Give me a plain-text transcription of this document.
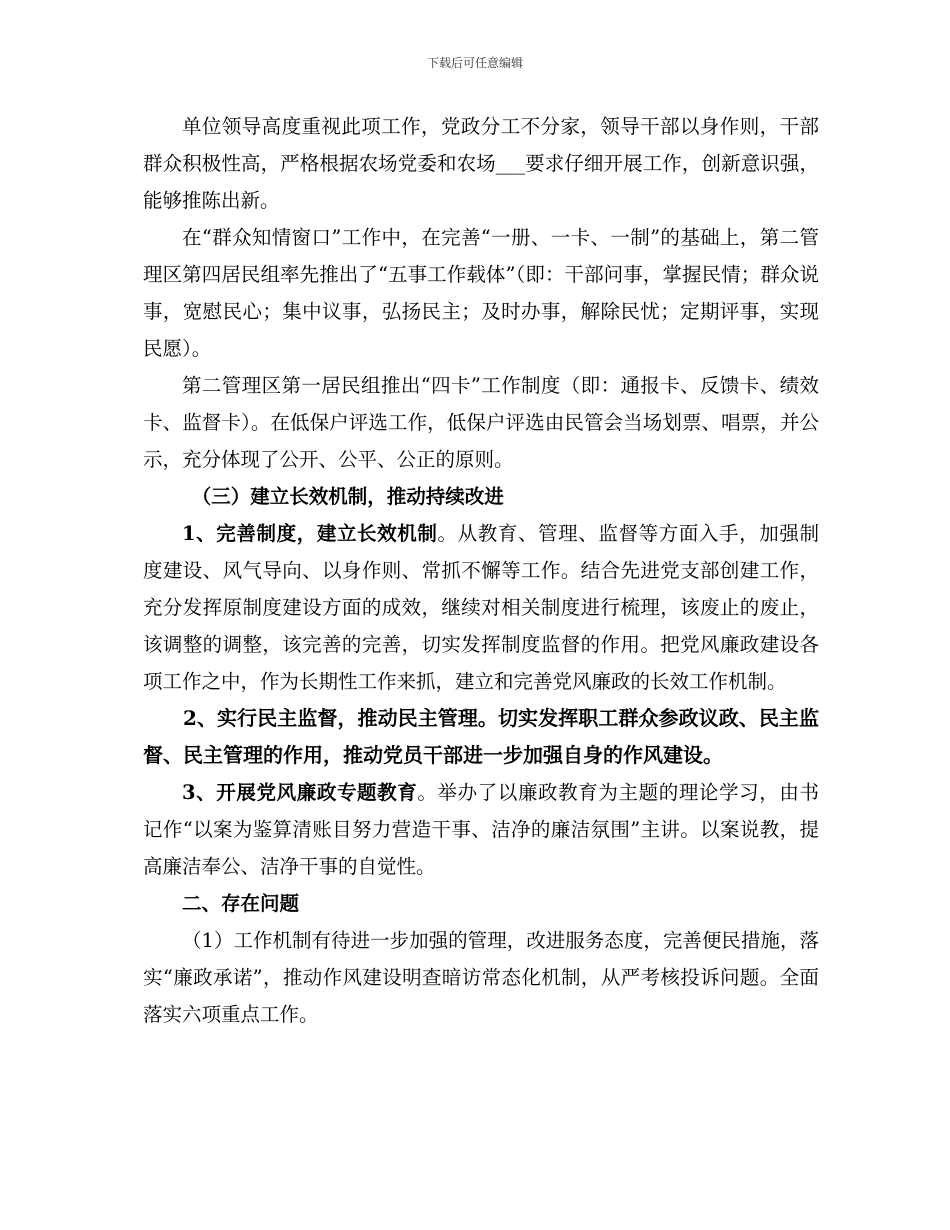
下载后可任意编辑

单位领导高度重视此项工作，党政分工不分家，领导干部以身作则，干部群众积极性高，严格根据农场党委和农场___要求仔细开展工作，创新意识强，能够推陈出新。

在“群众知情窗口”工作中，在完善“一册、一卡、一制”的基础上，第二管理区第四居民组率先推出了“五事工作载体”（即：干部问事，掌握民情；群众说事，宽慰民心；集中议事，弘扬民主；及时办事，解除民忧；定期评事，实现民愿）。

第二管理区第一居民组推出“四卡”工作制度（即：通报卡、反馈卡、绩效卡、监督卡）。在低保户评选工作，低保户评选由民管会当场划票、唱票，并公示，充分体现了公开、公平、公正的原则。

（三）建立长效机制，推动持续改进

1、完善制度，建立长效机制。从教育、管理、监督等方面入手，加强制度建设、风气导向、以身作则、常抓不懈等工作。结合先进党支部创建工作，充分发挥原制度建设方面的成效，继续对相关制度进行梳理，该废止的废止，该调整的调整，该完善的完善，切实发挥制度监督的作用。把党风廉政建设各项工作之中，作为长期性工作来抓，建立和完善党风廉政的长效工作机制。

2、实行民主监督，推动民主管理。切实发挥职工群众参政议政、民主监督、民主管理的作用，推动党员干部进一步加强自身的作风建设。

3、开展党风廉政专题教育。举办了以廉政教育为主题的理论学习，由书记作“以案为鉴算清账目努力营造干事、洁净的廉洁氛围”主讲。以案说教，提高廉洁奉公、洁净干事的自觉性。

二、存在问题

（1）工作机制有待进一步加强的管理，改进服务态度，完善便民措施，落实“廉政承诺”，推动作风建设明查暗访常态化机制，从严考核投诉问题。全面落实六项重点工作。
